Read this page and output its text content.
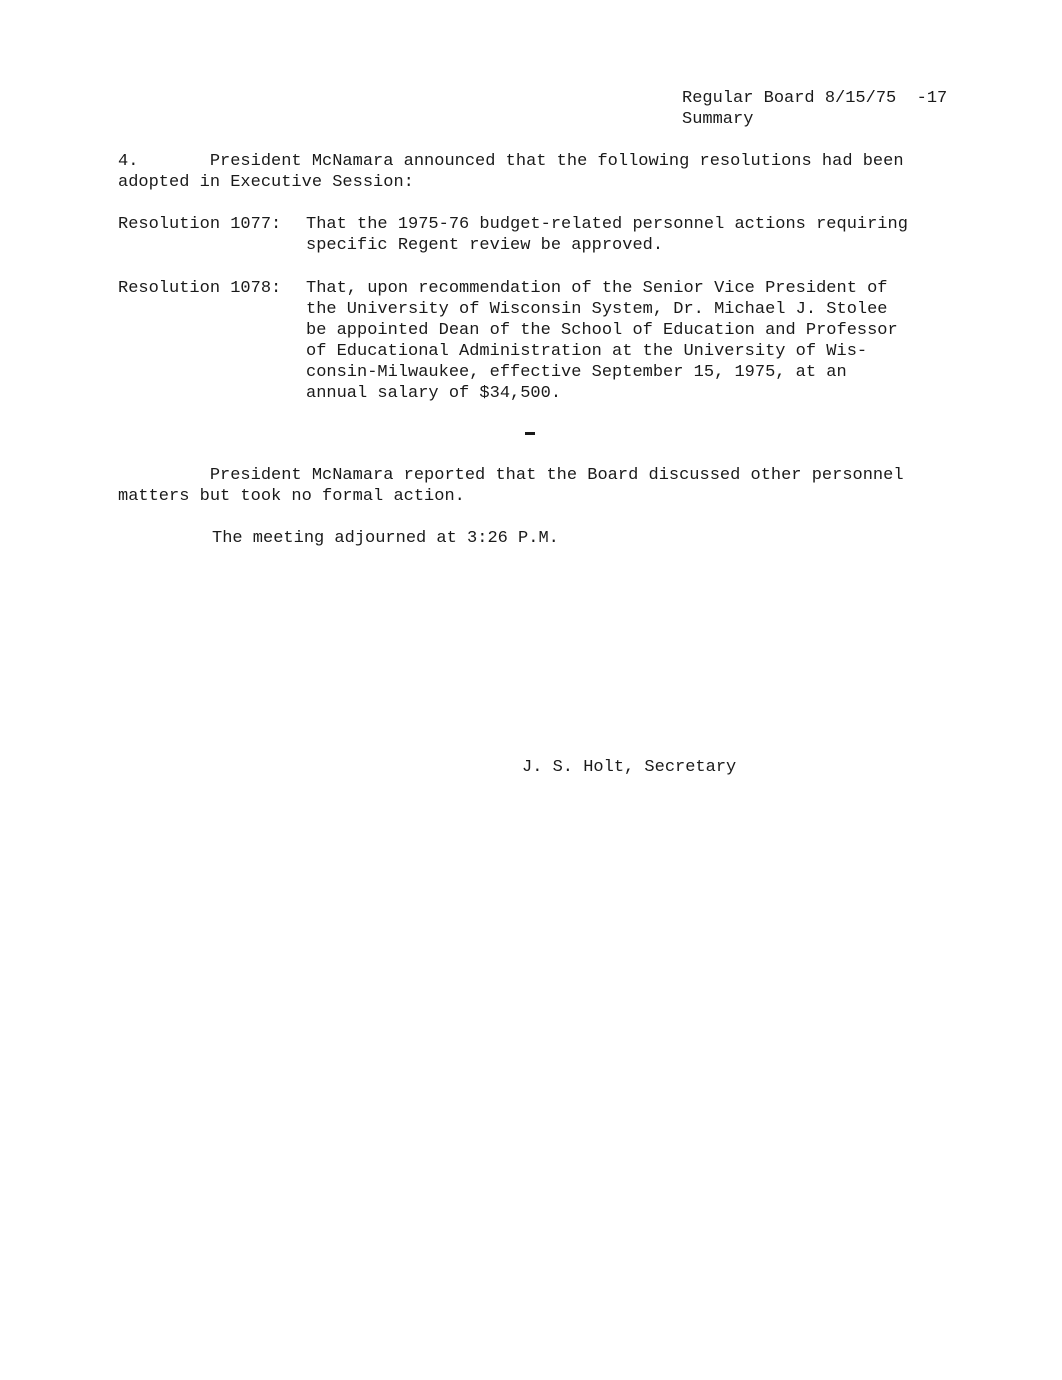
Regular Board 8/15/75  -17
Summary
4.       President McNamara announced that the following resolutions had been
adopted in Executive Session:
Resolution 1077: That the 1975-76 budget-related personnel actions requiring
specific Regent review be approved.
Resolution 1078: That, upon recommendation of the Senior Vice President of
the University of Wisconsin System, Dr. Michael J. Stolee
be appointed Dean of the School of Education and Professor
of Educational Administration at the University of Wis-
consin-Milwaukee, effective September 15, 1975, at an
annual salary of $34,500.
President McNamara reported that the Board discussed other personnel
matters but took no formal action.
The meeting adjourned at 3:26 P.M.
J. S. Holt, Secretary
